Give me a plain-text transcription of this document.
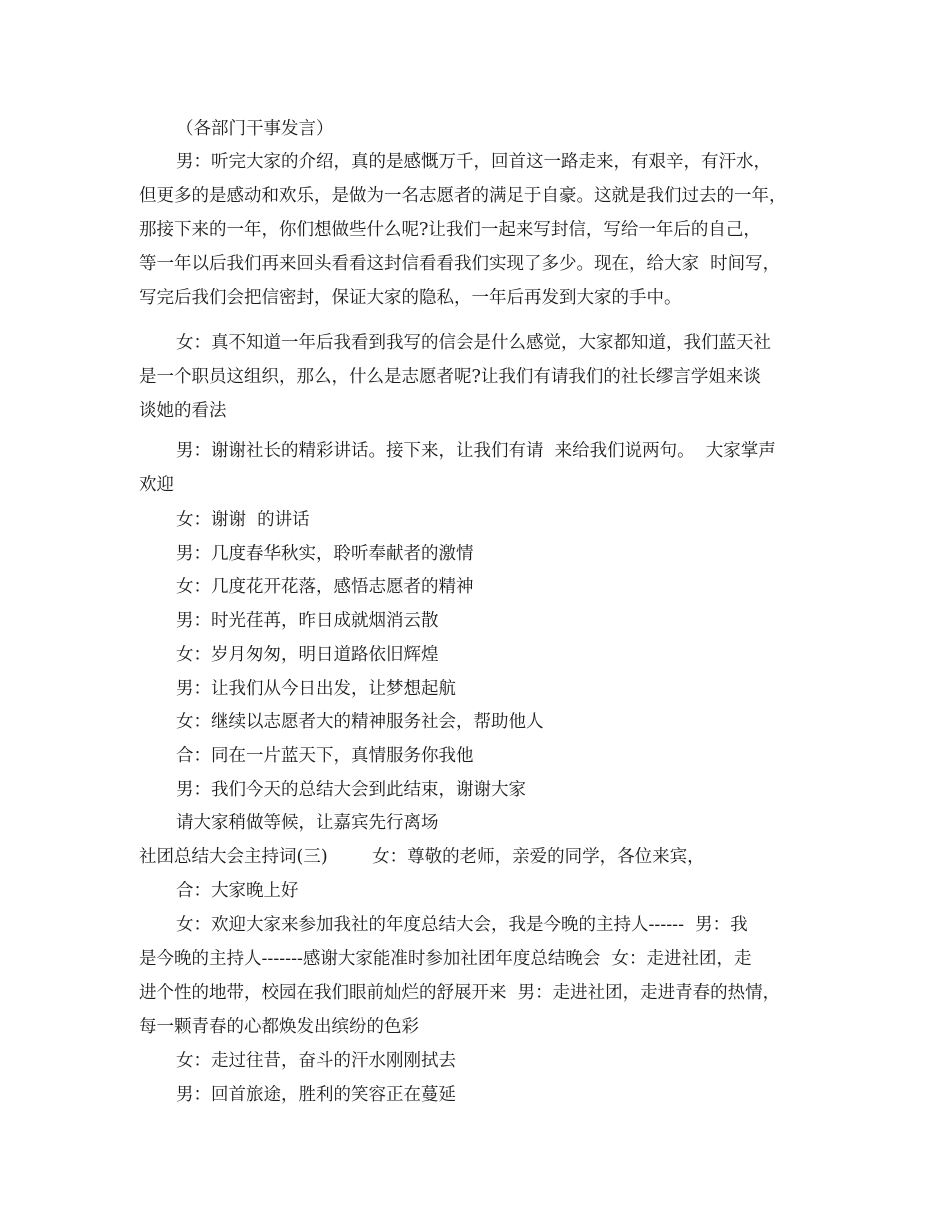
（各部门干事发言）
男：听完大家的介绍，真的是感慨万千，回首这一路走来，有艰辛，有汗水，
但更多的是感动和欢乐，是做为一名志愿者的满足于自豪。这就是我们过去的一年，
那接下来的一年，你们想做些什么呢?让我们一起来写封信，写给一年后的自己，
等一年以后我们再来回头看看这封信看看我们实现了多少。现在，给大家  时间写，
写完后我们会把信密封，保证大家的隐私，一年后再发到大家的手中。
女：真不知道一年后我看到我写的信会是什么感觉，大家都知道，我们蓝天社
是一个职员这组织，那么，什么是志愿者呢?让我们有请我们的社长缪言学姐来谈
谈她的看法
男：谢谢社长的精彩讲话。接下来，让我们有请  来给我们说两句。  大家掌声
欢迎
女：谢谢  的讲话
男：几度春华秋实，聆听奉献者的激情
女：几度花开花落，感悟志愿者的精神
男：时光荏苒，昨日成就烟消云散
女：岁月匆匆，明日道路依旧辉煌
男：让我们从今日出发，让梦想起航
女：继续以志愿者大的精神服务社会，帮助他人
合：同在一片蓝天下，真情服务你我他
男：我们今天的总结大会到此结束，谢谢大家
请大家稍做等候，让嘉宾先行离场
社团总结大会主持词(三)        女：尊敬的老师，亲爱的同学，各位来宾，
合：大家晚上好
女：欢迎大家来参加我社的年度总结大会，我是今晚的主持人------  男：我
是今晚的主持人-------感谢大家能准时参加社团年度总结晚会  女：走进社团，走
进个性的地带，校园在我们眼前灿烂的舒展开来  男：走进社团，走进青春的热情，
每一颗青春的心都焕发出缤纷的色彩
女：走过往昔，奋斗的汗水刚刚拭去
男：回首旅途，胜利的笑容正在蔓延
